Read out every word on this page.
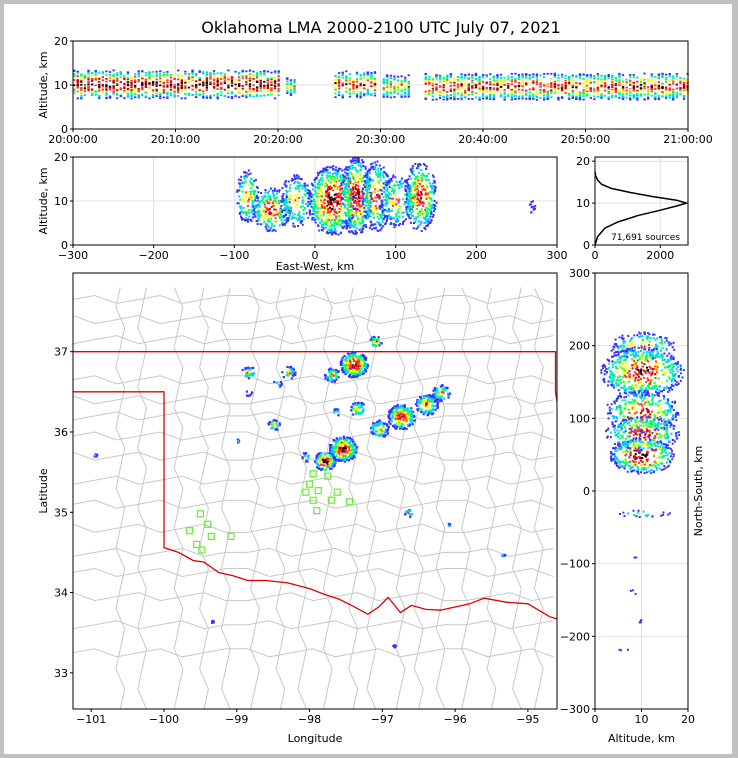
Oklahoma LMA 2000-2100 UTC July 07, 2021
20:00:00	20:10:00	20:20:00	20:30:00	20:40:00	20:50:00	21:00:00
0
10
20
Altitude, km
−300	−200	−100	0	100	200	300
0
10
20
East-West, km
Altitude, km
0	2000
0
10
20
71,691 sources
−101	−100	−99	−98	−97	−96	−95
33
34
35
36
37
Longitude
Latitude
0	10	20
−300
−200
−100
0
100
200
300
Altitude, km
North-South, km
